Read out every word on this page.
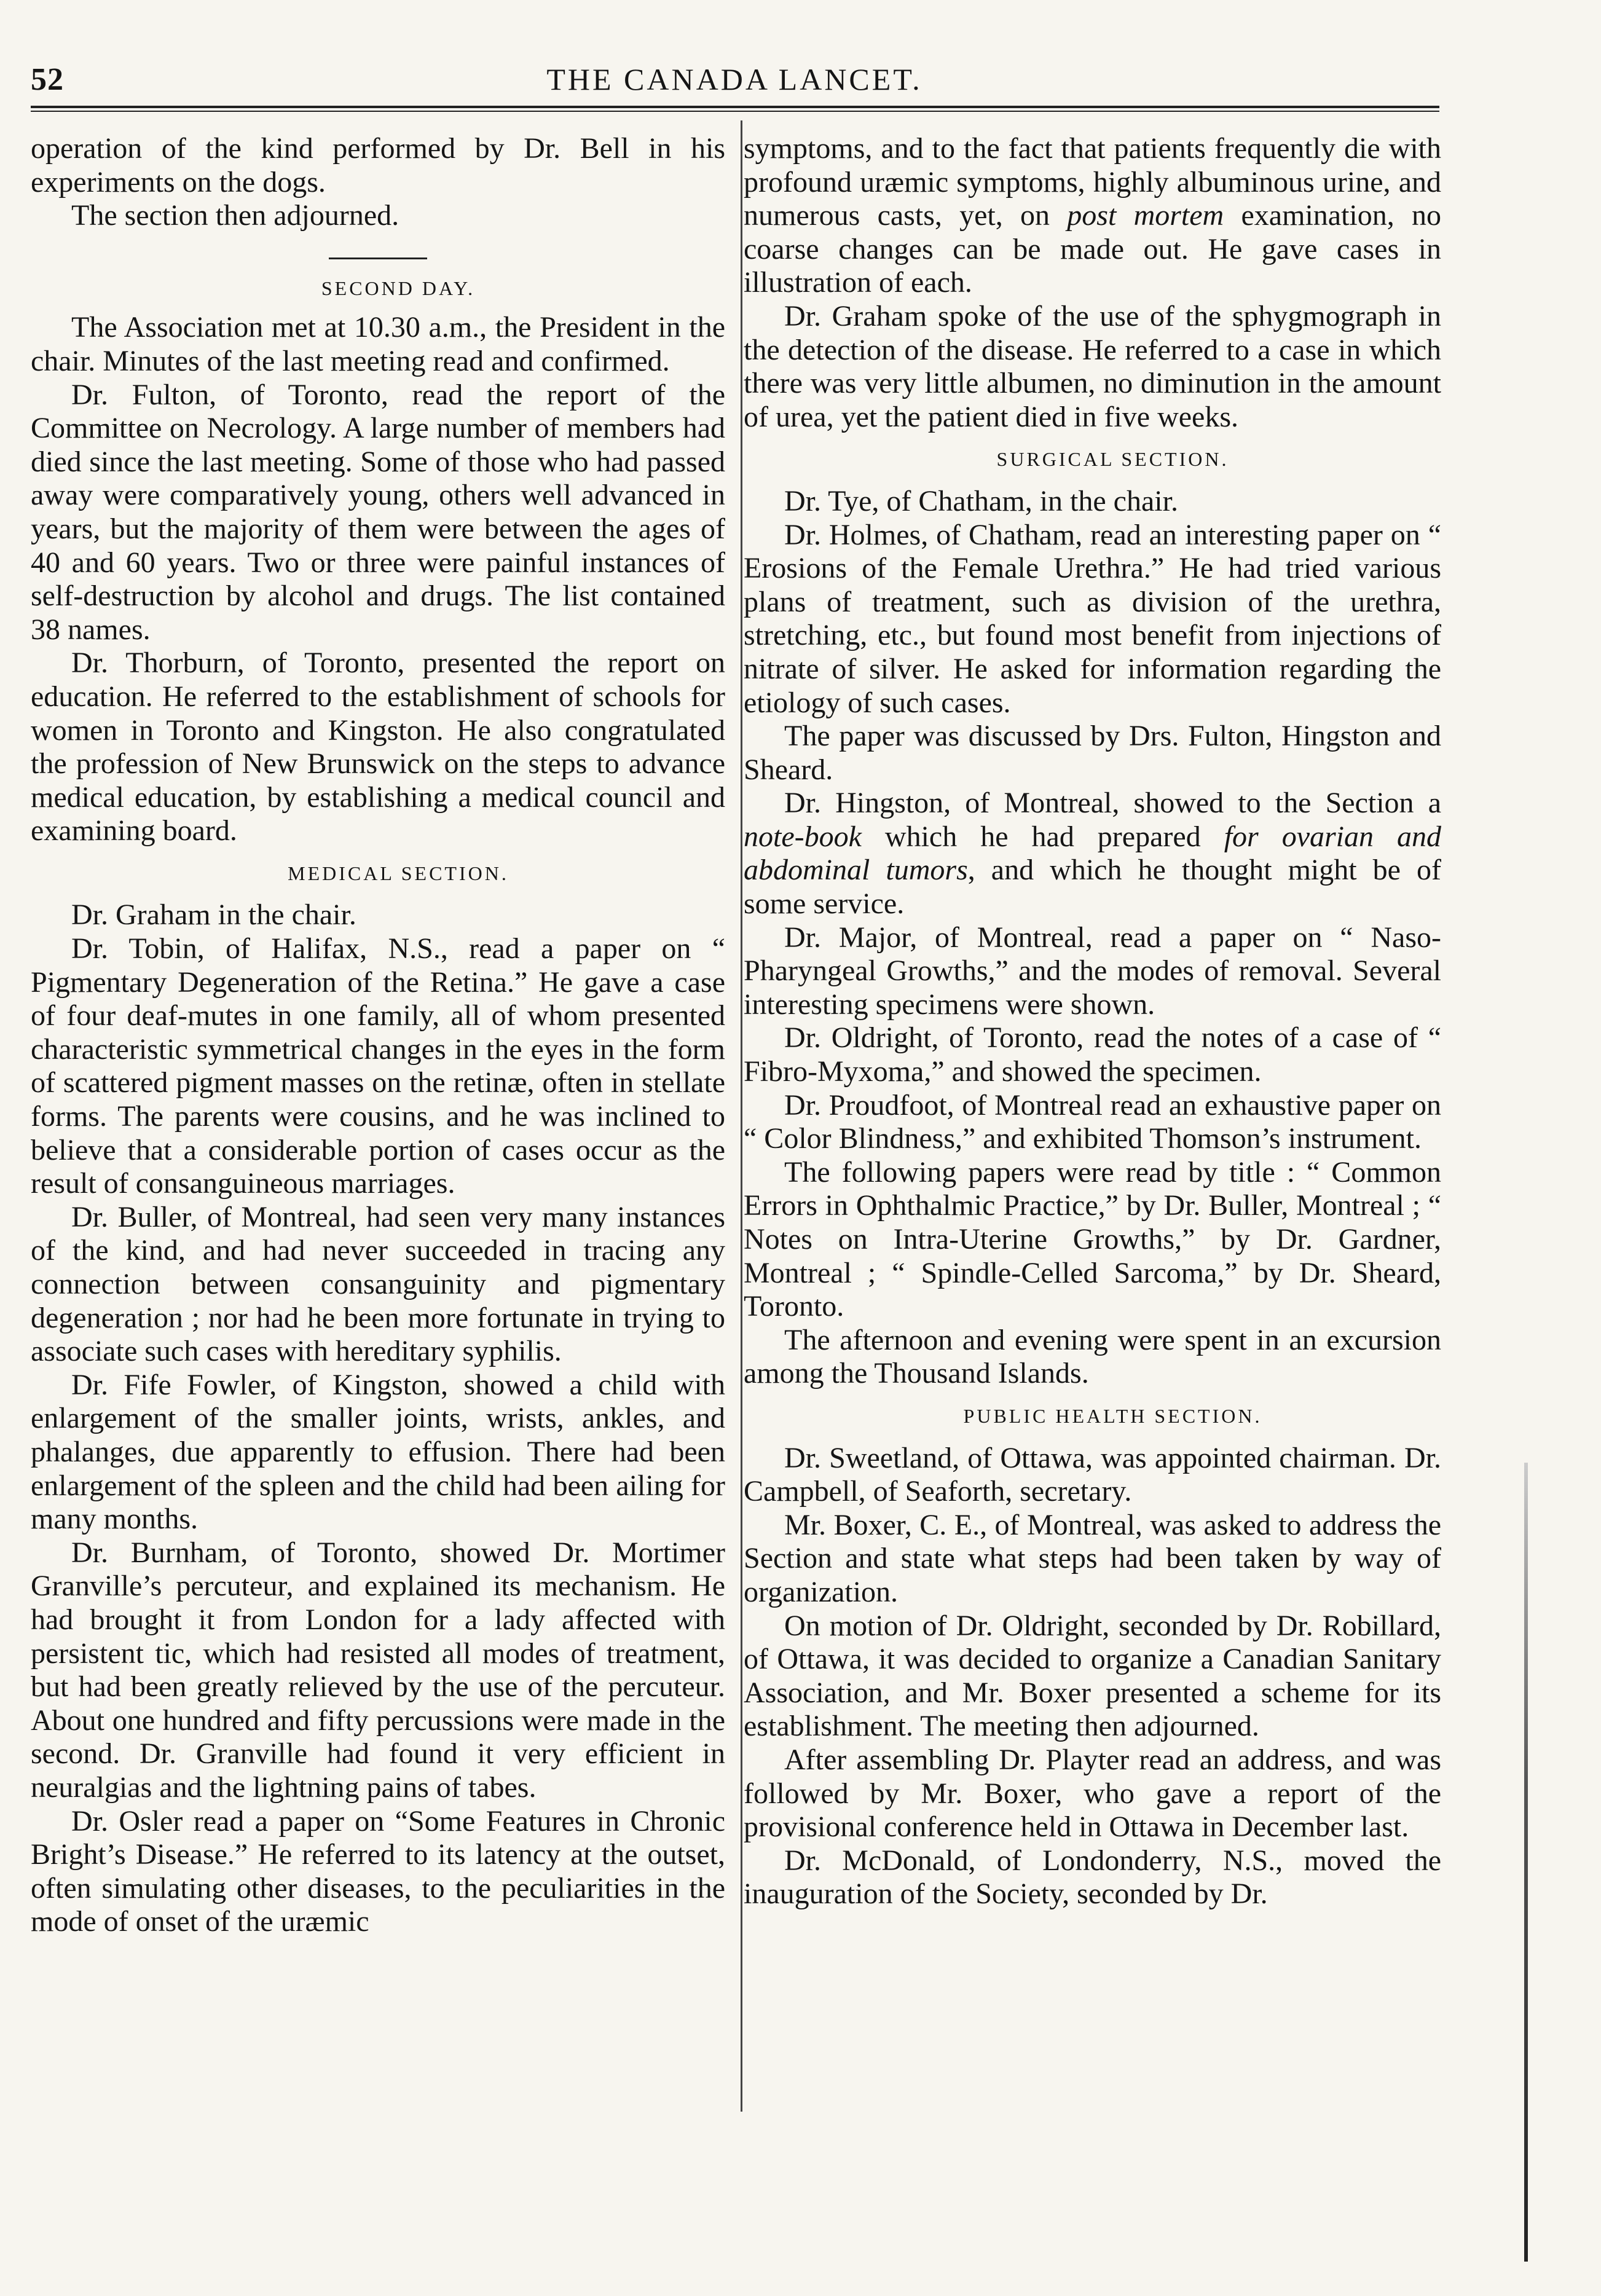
52	THE CANADA LANCET.

operation of the kind performed by Dr. Bell in his experiments on the dogs.

The section then adjourned.

SECOND DAY.

The Association met at 10.30 a.m., the President in the chair. Minutes of the last meeting read and confirmed.

Dr. Fulton, of Toronto, read the report of the Committee on Necrology. A large number of members had died since the last meeting. Some of those who had passed away were comparatively young, others well advanced in years, but the majority of them were between the ages of 40 and 60 years. Two or three were painful instances of self-destruction by alcohol and drugs. The list contained 38 names.

Dr. Thorburn, of Toronto, presented the report on education. He referred to the establishment of schools for women in Toronto and Kingston. He also congratulated the profession of New Brunswick on the steps to advance medical education, by establishing a medical council and examining board.

MEDICAL SECTION.

Dr. Graham in the chair.

Dr. Tobin, of Halifax, N.S., read a paper on “ Pigmentary Degeneration of the Retina.” He gave a case of four deaf-mutes in one family, all of whom presented characteristic symmetrical changes in the eyes in the form of scattered pigment masses on the retinæ, often in stellate forms. The parents were cousins, and he was inclined to believe that a considerable portion of cases occur as the result of consanguineous marriages.

Dr. Buller, of Montreal, had seen very many instances of the kind, and had never succeeded in tracing any connection between consanguinity and pigmentary degeneration ; nor had he been more fortunate in trying to associate such cases with hereditary syphilis.

Dr. Fife Fowler, of Kingston, showed a child with enlargement of the smaller joints, wrists, ankles, and phalanges, due apparently to effusion. There had been enlargement of the spleen and the child had been ailing for many months.

Dr. Burnham, of Toronto, showed Dr. Mortimer Granville’s percuteur, and explained its mechanism. He had brought it from London for a lady affected with persistent tic, which had resisted all modes of treatment, but had been greatly relieved by the use of the percuteur. About one hundred and fifty percussions were made in the second. Dr. Granville had found it very efficient in neuralgias and the lightning pains of tabes.

Dr. Osler read a paper on “Some Features in Chronic Bright’s Disease.” He referred to its latency at the outset, often simulating other diseases, to the peculiarities in the mode of onset of the uræmic

symptoms, and to the fact that patients frequently die with profound uræmic symptoms, highly albuminous urine, and numerous casts, yet, on post mortem examination, no coarse changes can be made out. He gave cases in illustration of each.

Dr. Graham spoke of the use of the sphygmograph in the detection of the disease. He referred to a case in which there was very little albumen, no diminution in the amount of urea, yet the patient died in five weeks.

SURGICAL SECTION.

Dr. Tye, of Chatham, in the chair.

Dr. Holmes, of Chatham, read an interesting paper on “ Erosions of the Female Urethra.” He had tried various plans of treatment, such as division of the urethra, stretching, etc., but found most benefit from injections of nitrate of silver. He asked for information regarding the etiology of such cases.

The paper was discussed by Drs. Fulton, Hingston and Sheard.

Dr. Hingston, of Montreal, showed to the Section a note-book which he had prepared for ovarian and abdominal tumors, and which he thought might be of some service.

Dr. Major, of Montreal, read a paper on “ Naso-Pharyngeal Growths,” and the modes of removal. Several interesting specimens were shown.

Dr. Oldright, of Toronto, read the notes of a case of “ Fibro-Myxoma,” and showed the specimen.

Dr. Proudfoot, of Montreal read an exhaustive paper on “ Color Blindness,” and exhibited Thomson’s instrument.

The following papers were read by title : “ Common Errors in Ophthalmic Practice,” by Dr. Buller, Montreal ; “ Notes on Intra-Uterine Growths,” by Dr. Gardner, Montreal ; “ Spindle-Celled Sarcoma,” by Dr. Sheard, Toronto.

The afternoon and evening were spent in an excursion among the Thousand Islands.

PUBLIC HEALTH SECTION.

Dr. Sweetland, of Ottawa, was appointed chairman. Dr. Campbell, of Seaforth, secretary.

Mr. Boxer, C. E., of Montreal, was asked to address the Section and state what steps had been taken by way of organization.

On motion of Dr. Oldright, seconded by Dr. Robillard, of Ottawa, it was decided to organize a Canadian Sanitary Association, and Mr. Boxer presented a scheme for its establishment. The meeting then adjourned.

After assembling Dr. Playter read an address, and was followed by Mr. Boxer, who gave a report of the provisional conference held in Ottawa in December last.

Dr. McDonald, of Londonderry, N.S., moved the inauguration of the Society, seconded by Dr.
